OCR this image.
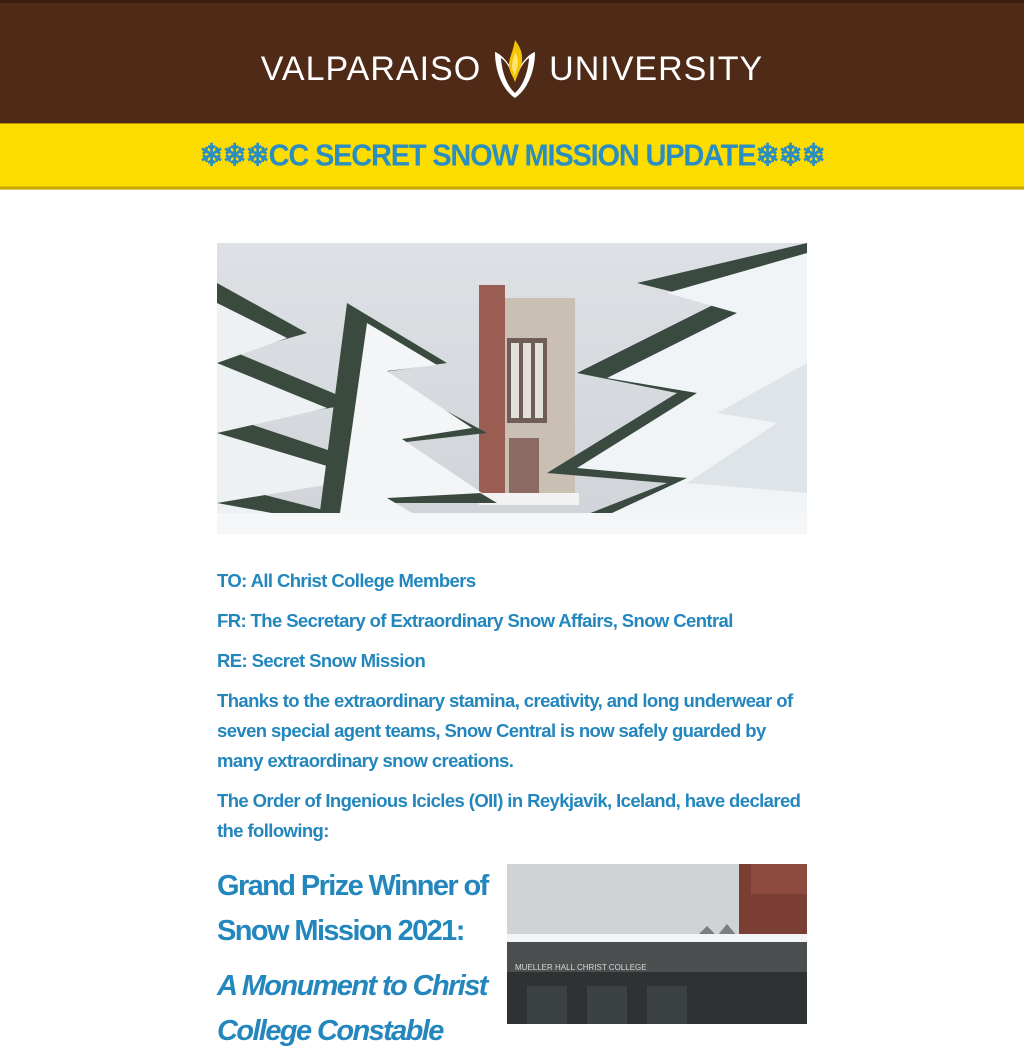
VALPARAISO UNIVERSITY
❄❄❄CC SECRET SNOW MISSION UPDATE❄❄❄

TO: All Christ College Members

FR: The Secretary of Extraordinary Snow Affairs, Snow Central

RE: Secret Snow Mission

Thanks to the extraordinary stamina, creativity, and long underwear of seven special agent teams, Snow Central is now safely guarded by many extraordinary snow creations.

The Order of Ingenious Icicles (OII) in Reykjavik, Iceland, have declared the following:

Grand Prize Winner of Snow Mission 2021:
A Monument to Christ College Constable
MUELLER HALL CHRIST COLLEGE
